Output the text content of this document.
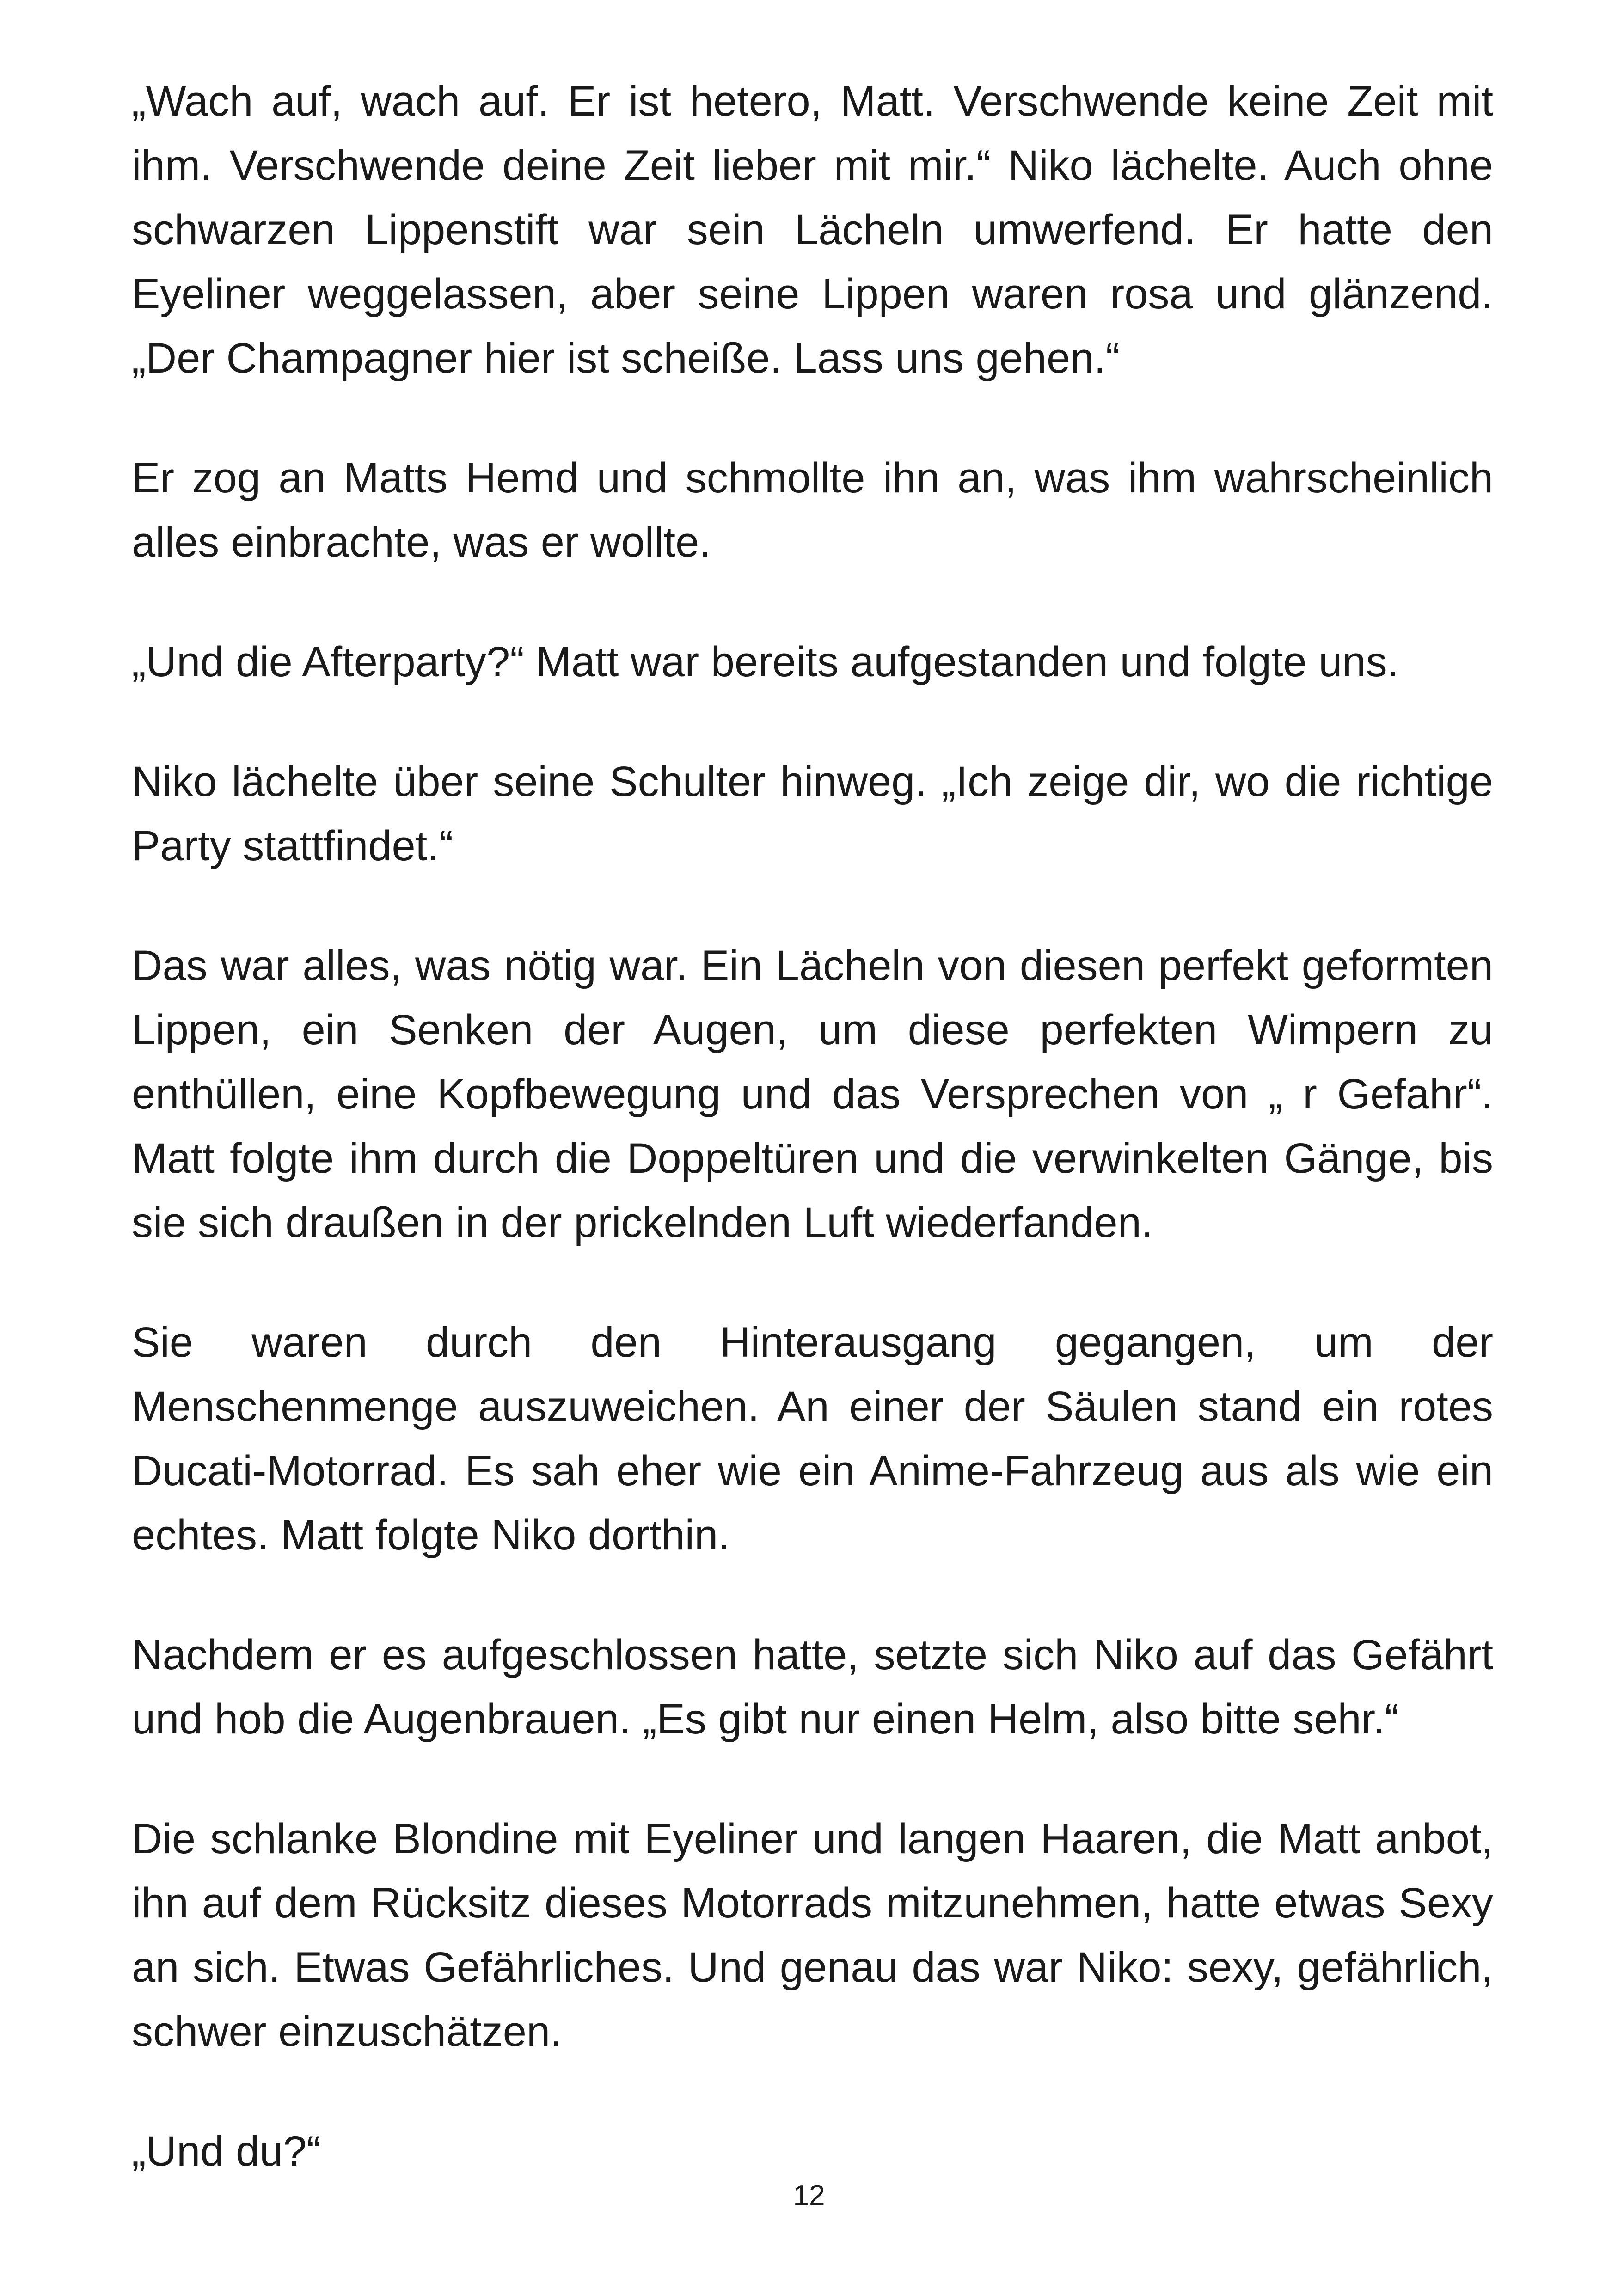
„Wach auf, wach auf. Er ist hetero, Matt. Verschwende keine Zeit mit ihm. Verschwende deine Zeit lieber mit mir.“ Niko lächelte. Auch ohne schwarzen Lippenstift war sein Lächeln umwerfend. Er hatte den Eyeliner weggelassen, aber seine Lippen waren rosa und glänzend. „Der Champagner hier ist scheiße. Lass uns gehen.“

Er zog an Matts Hemd und schmollte ihn an, was ihm wahrscheinlich alles einbrachte, was er wollte.

„Und die Afterparty?“ Matt war bereits aufgestanden und folgte uns.

Niko lächelte über seine Schulter hinweg. „Ich zeige dir, wo die richtige Party stattfindet.“

Das war alles, was nötig war. Ein Lächeln von diesen perfekt geformten Lippen, ein Senken der Augen, um diese perfekten Wimpern zu enthüllen, eine Kopfbewegung und das Versprechen von „ r Gefahr“. Matt folgte ihm durch die Doppeltüren und die verwinkelten Gänge, bis sie sich draußen in der prickelnden Luft wiederfanden.

Sie waren durch den Hinterausgang gegangen, um der Menschenmenge auszuweichen. An einer der Säulen stand ein rotes Ducati-Motorrad. Es sah eher wie ein Anime-Fahrzeug aus als wie ein echtes. Matt folgte Niko dorthin.

Nachdem er es aufgeschlossen hatte, setzte sich Niko auf das Gefährt und hob die Augenbrauen. „Es gibt nur einen Helm, also bitte sehr.“

Die schlanke Blondine mit Eyeliner und langen Haaren, die Matt anbot, ihn auf dem Rücksitz dieses Motorrads mitzunehmen, hatte etwas Sexy an sich. Etwas Gefährliches. Und genau das war Niko: sexy, gefährlich, schwer einzuschätzen.

„Und du?“

12
